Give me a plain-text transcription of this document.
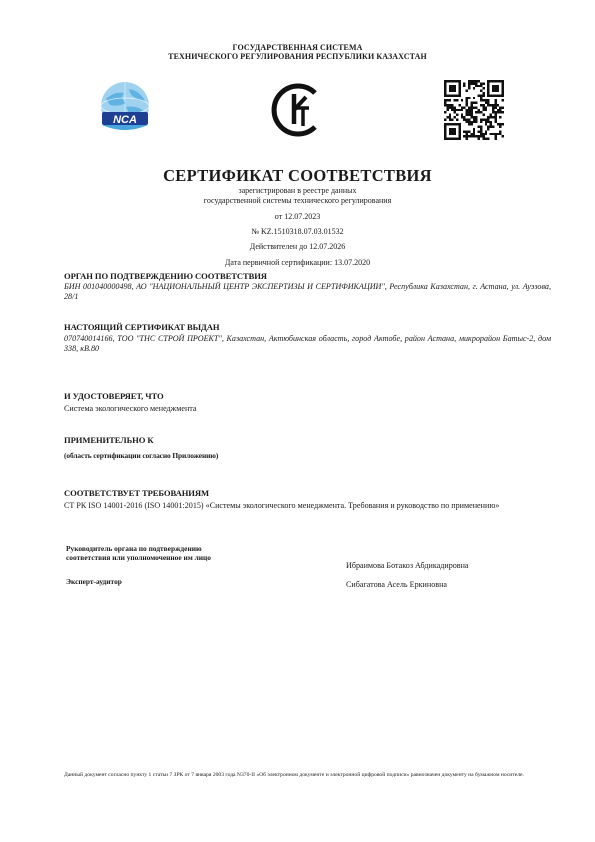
ГОСУДАРСТВЕННАЯ СИСТЕМА
ТЕХНИЧЕСКОГО РЕГУЛИРОВАНИЯ РЕСПУБЛИКИ КАЗАХСТАН
NCA
СЕРТИФИКАТ СООТВЕТСТВИЯ
зарегистрирован в реестре данных
государственной системы технического регулирования
от 12.07.2023
№ KZ.1510318.07.03.01532
Действителен до 12.07.2026
Дата первичной сертификации: 13.07.2020
ОРГАН ПО ПОДТВЕРЖДЕНИЮ СООТВЕТСТВИЯ
БИН 001040000498, АО "НАЦИОНАЛЬНЫЙ ЦЕНТР ЭКСПЕРТИЗЫ И СЕРТИФИКАЦИИ", Республика Казахстан, г. Астана, ул. Ауэзова, 28/1
НАСТОЯЩИЙ СЕРТИФИКАТ ВЫДАН
070740014166, ТОО "ТНС СТРОЙ ПРОЕКТ", Казахстан, Актюбинская область, город Актобе, район Астана, микрорайон Батыс-2, дом 338, кВ.80
И УДОСТОВЕРЯЕТ, ЧТО
Система экологического менеджмента
ПРИМЕНИТЕЛЬНО К
(область сертификации согласно Приложению)
СООТВЕТСТВУЕТ ТРЕБОВАНИЯМ
СТ РК ISO 14001-2016 (ISO 14001:2015) «Системы экологического менеджмента. Требования и руководство по применению»
Руководитель органа по подтверждению
соответствия или уполномоченное им лицо
Ибраимова Ботакоз Абдикадировна
Эксперт-аудитор	Сибагатова Асель Еркиновна
Данный документ согласно пункту 1 статьи 7 ЗРК от 7 января 2003 года N370-II «Об электронном документе и электронной цифровой подписи» равнозначен документу на бумажном носителе.
